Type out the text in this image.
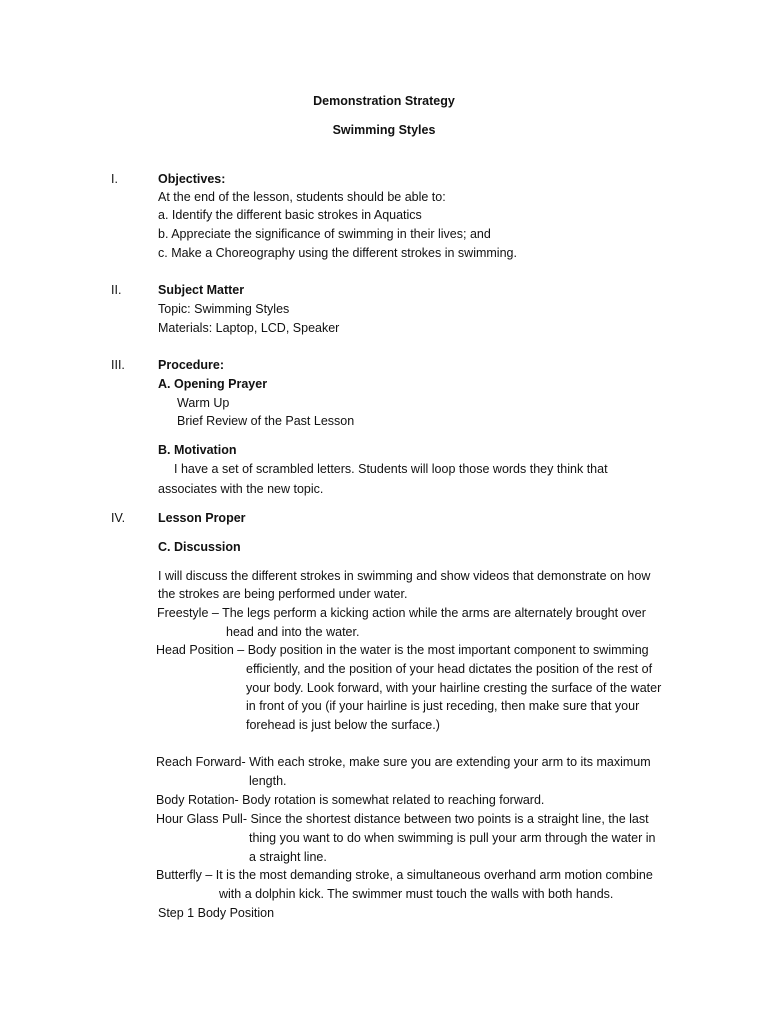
Demonstration Strategy
Swimming Styles
I.	Objectives:
At the end of the lesson, students should be able to:
a. Identify the different basic strokes in Aquatics
b. Appreciate the significance of swimming in their lives; and
c. Make a Choreography using the different strokes in swimming.
II.	Subject Matter
Topic: Swimming Styles
Materials: Laptop, LCD, Speaker
III.	Procedure:
A. Opening Prayer
Warm Up
Brief Review of the Past Lesson
B. Motivation
I have a set of scrambled letters. Students will loop those words they think that
associates with the new topic.
IV.	Lesson Proper
C. Discussion
I will discuss the different strokes in swimming and show videos that demonstrate on how
the strokes are being performed under water.
Freestyle – The legs perform a kicking action while the arms are alternately brought over
head and into the water.
Head Position – Body position in the water is the most important component to swimming
efficiently, and the position of your head dictates the position of the rest of
your body. Look forward, with your hairline cresting the surface of the water
in front of you (if your hairline is just receding, then make sure that your
forehead is just below the surface.)
Reach Forward- With each stroke, make sure you are extending your arm to its maximum
length.
Body Rotation- Body rotation is somewhat related to reaching forward.
Hour Glass Pull- Since the shortest distance between two points is a straight line, the last
thing you want to do when swimming is pull your arm through the water in
a straight line.
Butterfly – It is the most demanding stroke, a simultaneous overhand arm motion combine
with a dolphin kick. The swimmer must touch the walls with both hands.
Step 1 Body Position
